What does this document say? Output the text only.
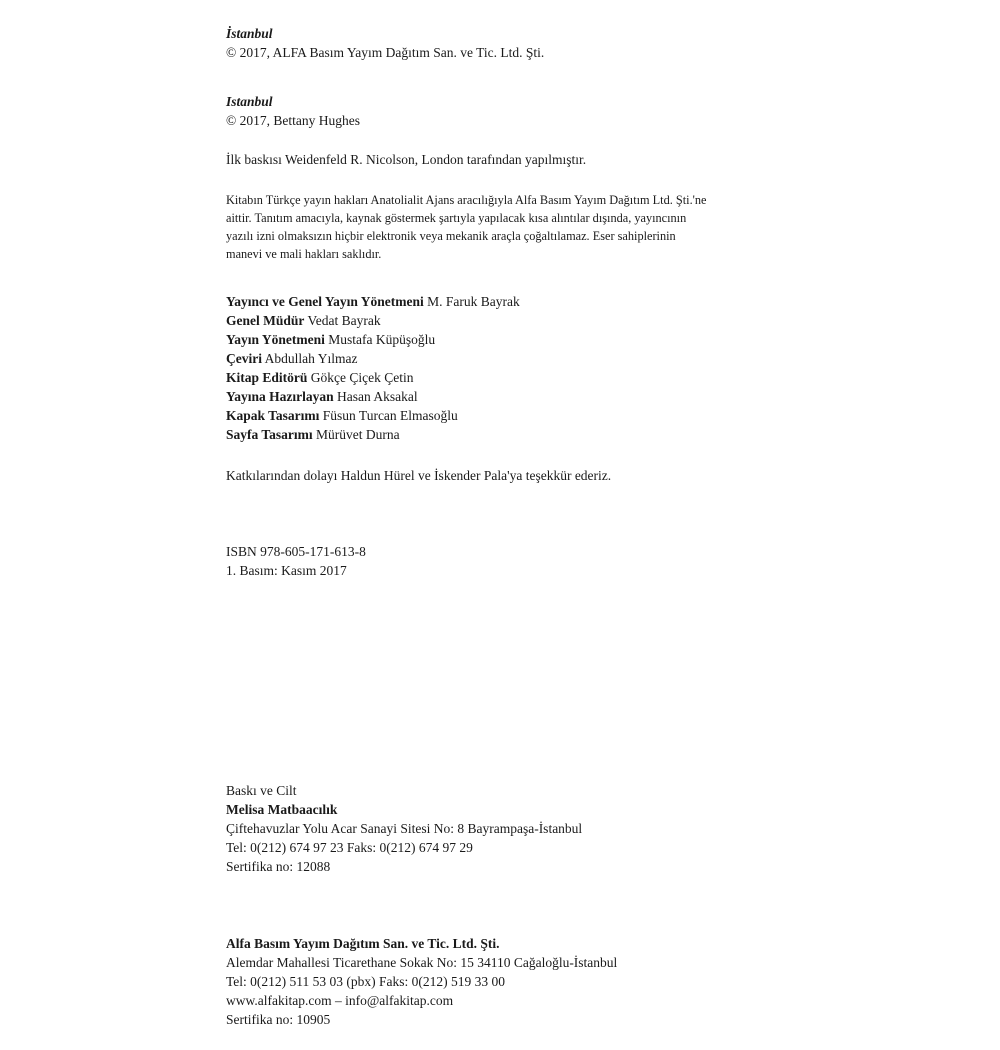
İstanbul
© 2017, ALFA Basım Yayım Dağıtım San. ve Tic. Ltd. Şti.
Istanbul
© 2017, Bettany Hughes
İlk baskısı Weidenfeld R. Nicolson, London tarafından yapılmıştır.
Kitabın Türkçe yayın hakları Anatolialit Ajans aracılığıyla Alfa Basım Yayım Dağıtım Ltd. Şti.'ne
aittir. Tanıtım amacıyla, kaynak göstermek şartıyla yapılacak kısa alıntılar dışında, yayıncının
yazılı izni olmaksızın hiçbir elektronik veya mekanik araçla çoğaltılamaz. Eser sahiplerinin
manevi ve mali hakları saklıdır.
Yayıncı ve Genel Yayın Yönetmeni M. Faruk Bayrak
Genel Müdür Vedat Bayrak
Yayın Yönetmeni Mustafa Küpüşoğlu
Çeviri Abdullah Yılmaz
Kitap Editörü Gökçe Çiçek Çetin
Yayına Hazırlayan Hasan Aksakal
Kapak Tasarımı Füsun Turcan Elmasoğlu
Sayfa Tasarımı Mürüvet Durna
Katkılarından dolayı Haldun Hürel ve İskender Pala'ya teşekkür ederiz.
ISBN 978-605-171-613-8
1. Basım: Kasım 2017
Baskı ve Cilt
Melisa Matbaacılık
Çiftehavuzlar Yolu Acar Sanayi Sitesi No: 8 Bayrampaşa-İstanbul
Tel: 0(212) 674 97 23 Faks: 0(212) 674 97 29
Sertifika no: 12088
Alfa Basım Yayım Dağıtım San. ve Tic. Ltd. Şti.
Alemdar Mahallesi Ticarethane Sokak No: 15 34110 Cağaloğlu-İstanbul
Tel: 0(212) 511 53 03 (pbx) Faks: 0(212) 519 33 00
www.alfakitap.com – info@alfakitap.com
Sertifika no: 10905
